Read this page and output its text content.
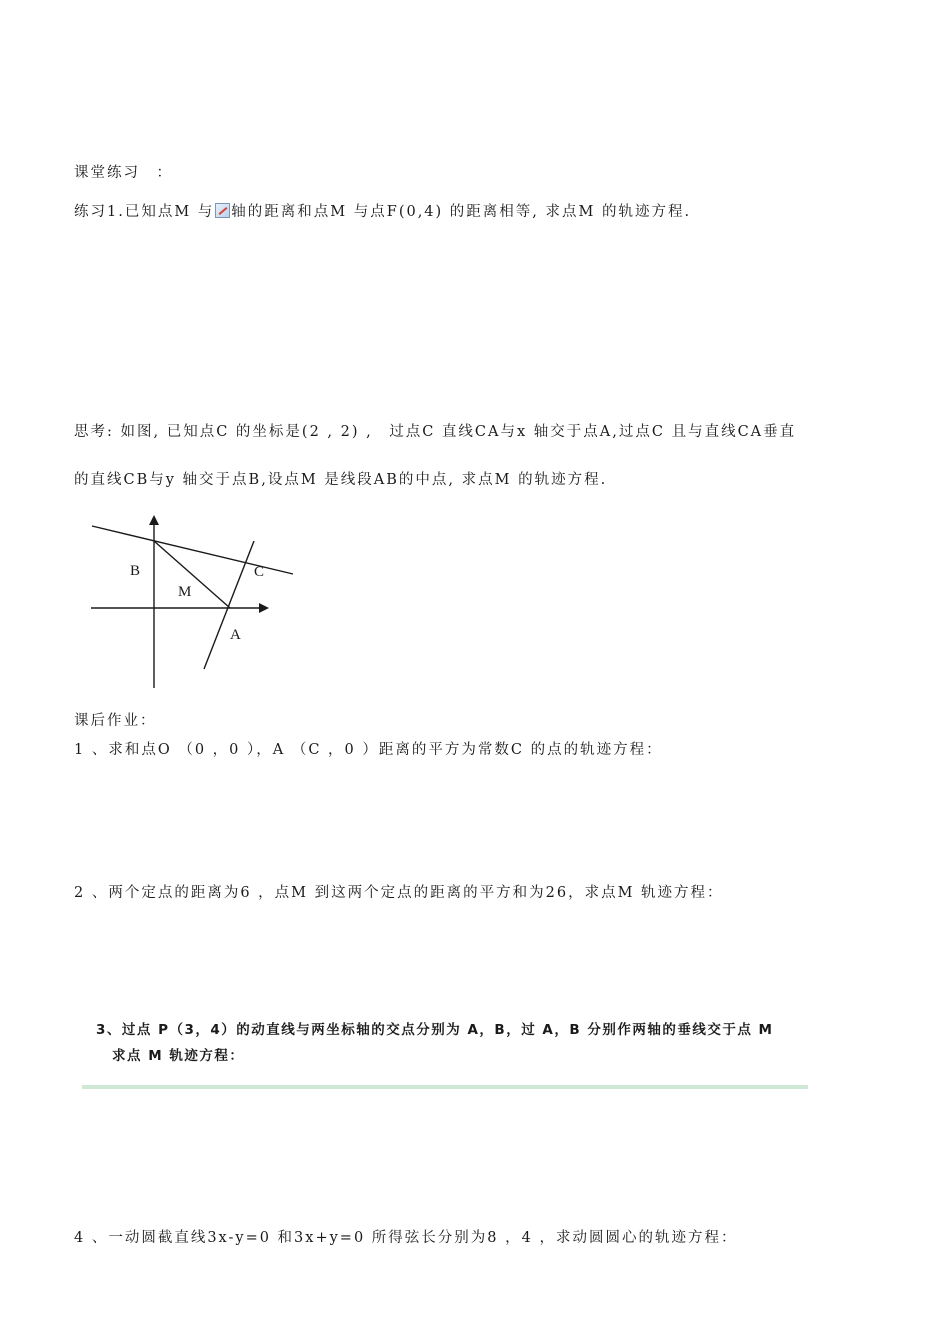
课堂练习　：
练习1.已知点M 与 轴的距离和点M 与点F(0,4) 的距离相等, 求点M 的轨迹方程.
思考: 如图, 已知点C 的坐标是(2 , 2) ,　过点C 直线CA与x 轴交于点A,过点C 且与直线CA垂直
的直线CB与y 轴交于点B,设点M 是线段AB的中点, 求点M 的轨迹方程.
B	C
M
A
课后作业：
1 、求和点O （0 ，0 ），A （C ，0 ）距离的平方为常数C 的点的轨迹方程：
2 、两个定点的距离为6 ，点M 到这两个定点的距离的平方和为26，求点M 轨迹方程：
3、过点 P（3，4）的动直线与两坐标轴的交点分别为 A，B，过 A，B 分别作两轴的垂线交于点 M
求点 M 轨迹方程：
4 、一动圆截直线3x-y=0 和3x+y=0 所得弦长分别为8 ，4 ，求动圆圆心的轨迹方程：
